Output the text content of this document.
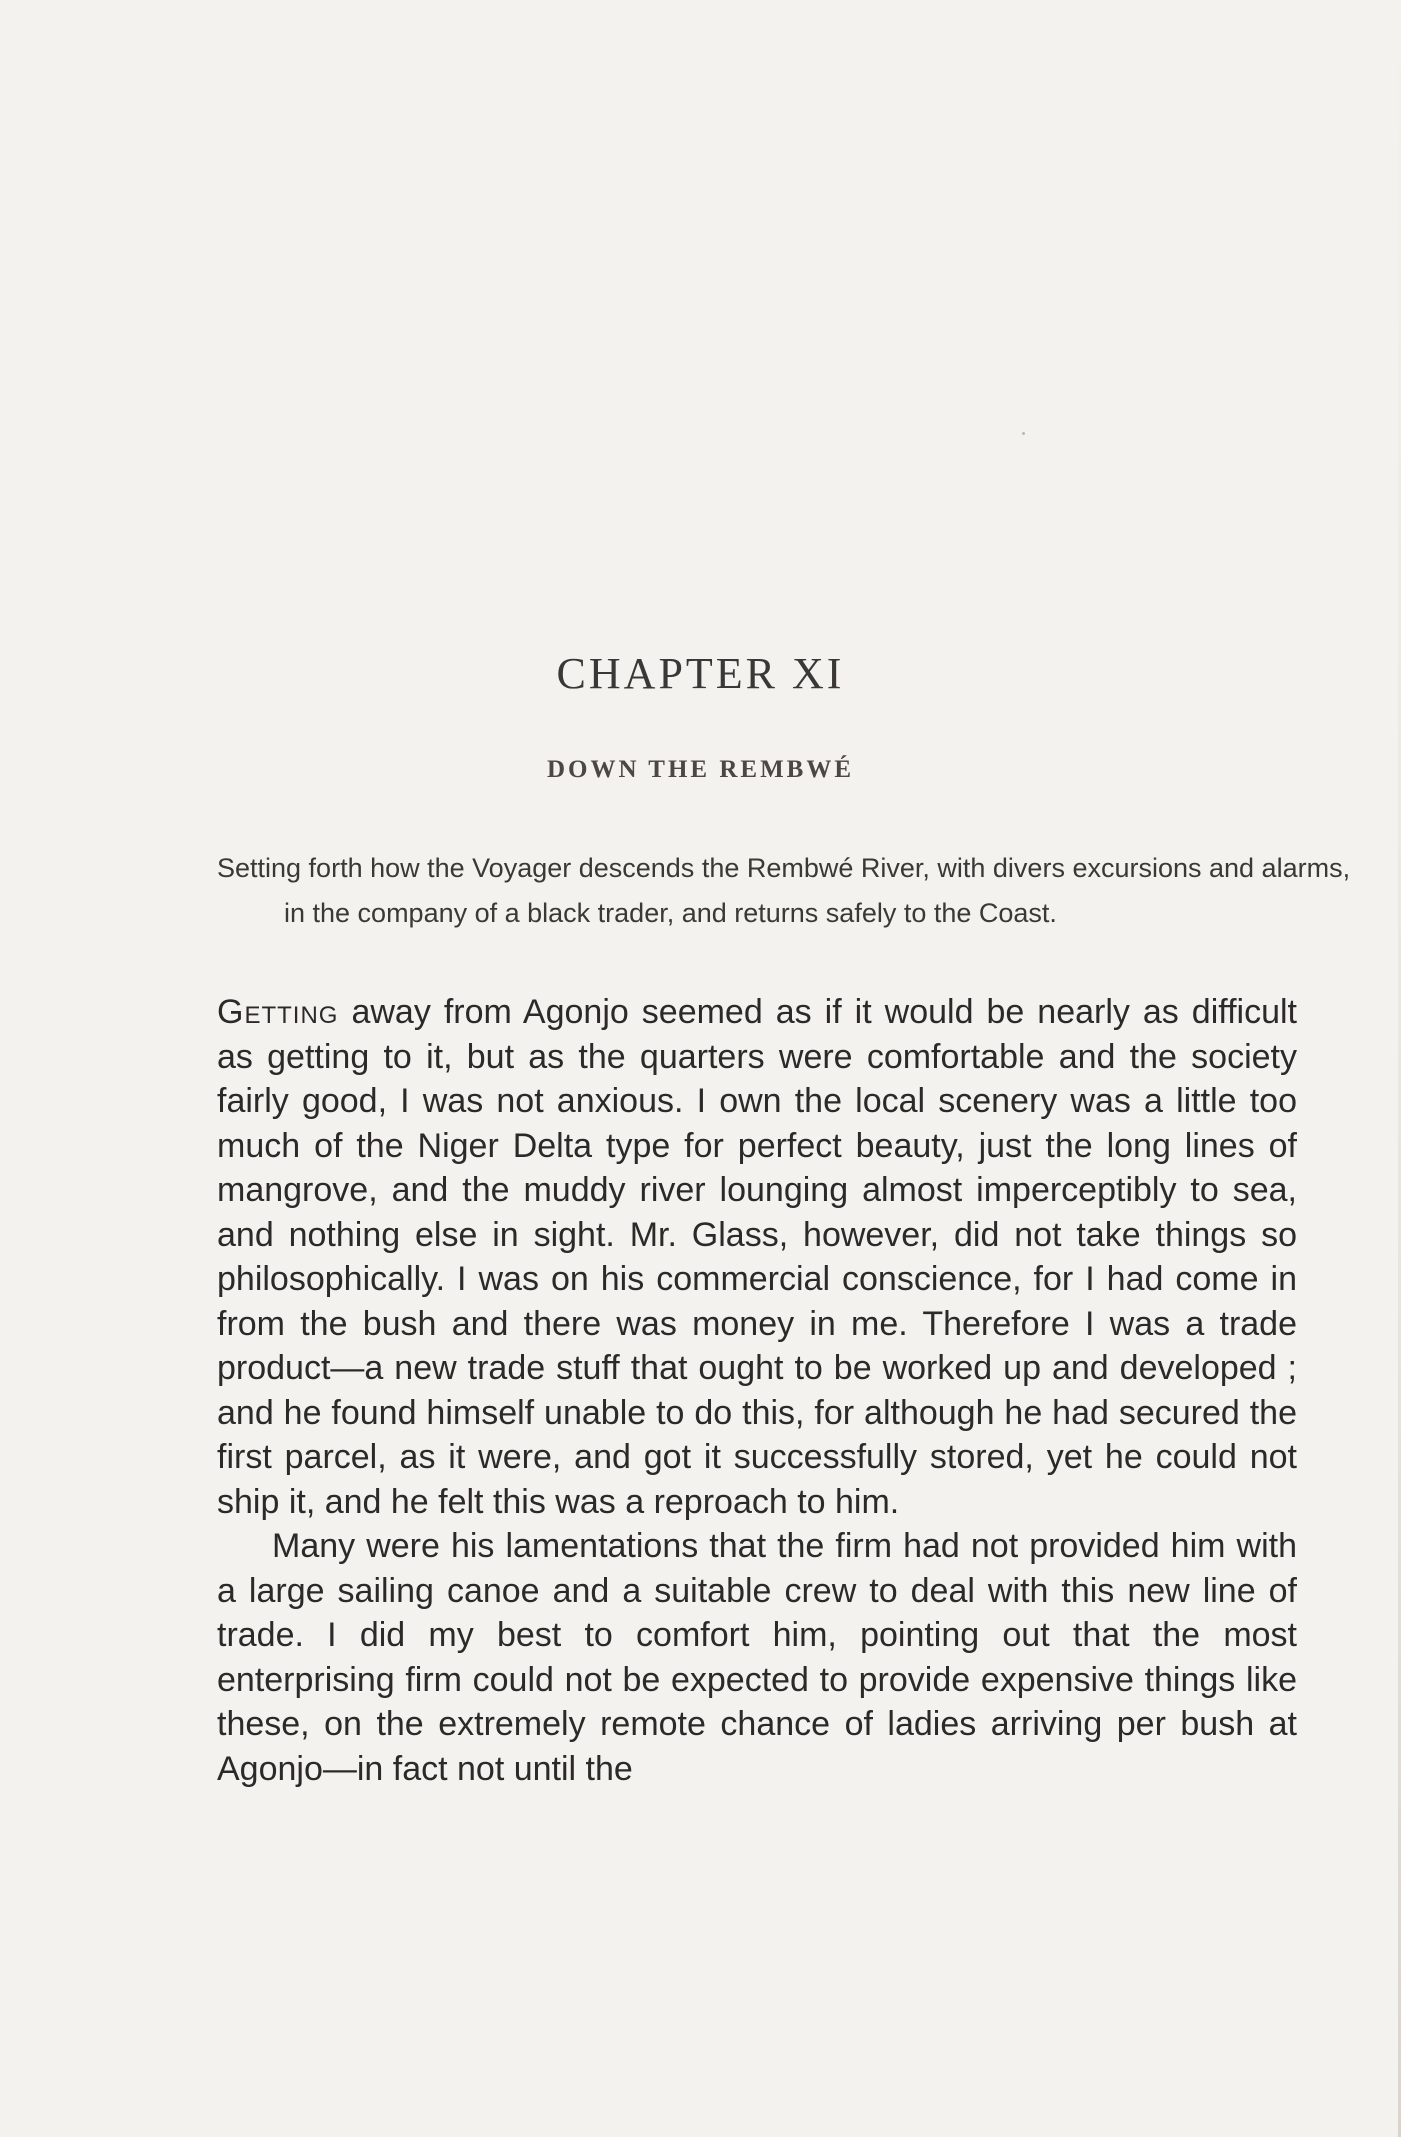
CHAPTER XI
DOWN THE REMBWÉ

Setting forth how the Voyager descends the Rembwé River, with divers excursions and alarms, in the company of a black trader, and returns safely to the Coast.

Getting away from Agonjo seemed as if it would be nearly as difficult as getting to it, but as the quarters were comfortable and the society fairly good, I was not anxious. I own the local scenery was a little too much of the Niger Delta type for perfect beauty, just the long lines of mangrove, and the muddy river lounging almost imperceptibly to sea, and nothing else in sight. Mr. Glass, however, did not take things so philosophically. I was on his commercial conscience, for I had come in from the bush and there was money in me. Therefore I was a trade product—a new trade stuff that ought to be worked up and developed ; and he found himself unable to do this, for although he had secured the first parcel, as it were, and got it successfully stored, yet he could not ship it, and he felt this was a reproach to him.

Many were his lamentations that the firm had not provided him with a large sailing canoe and a suitable crew to deal with this new line of trade. I did my best to comfort him, pointing out that the most enterprising firm could not be expected to provide expensive things like these, on the extremely remote chance of ladies arriving per bush at Agonjo—in fact not until the
